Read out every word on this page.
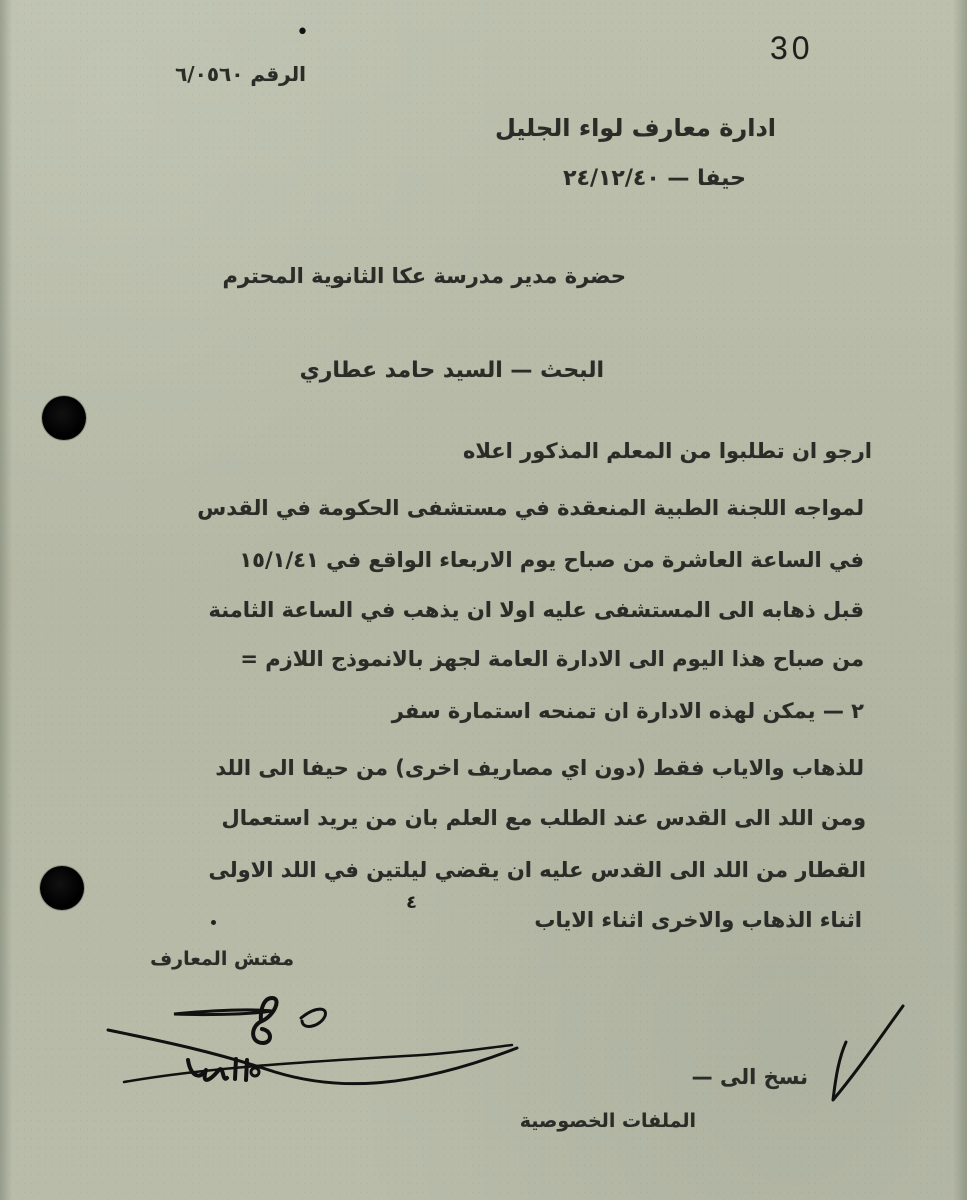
30
•
الرقم ٦/٠٥٦٠
ادارة معارف لواء الجليل
حيفا — ٢٤/١٢/٤٠
حضرة مدير مدرسة عكا الثانوية المحترم
البحث — السيد حامد عطاري
ارجو ان تطلبوا من المعلم المذكور اعلاه
لمواجه اللجنة الطبية المنعقدة في مستشفى الحكومة في القدس
في الساعة العاشرة من صباح يوم الاربعاء الواقع في ١٥/١/٤١
قبل ذهابه الى المستشفى عليه اولا ان يذهب في الساعة الثامنة
من صباح هذا اليوم الى الادارة العامة لجهز بالانموذج اللازم =
٢ — يمكن لهذه الادارة ان تمنحه استمارة سفر
للذهاب والاياب فقط (دون اي مصاريف اخرى) من حيفا الى اللد
ومن اللد الى القدس عند الطلب مع العلم بان من يريد استعمال
القطار من اللد الى القدس عليه ان يقضي ليلتين في اللد الاولى
اثناء الذهاب والاخرى اثناء الاياب
٤
مفتش المعارف
نسخ الى —
الملفات الخصوصية
